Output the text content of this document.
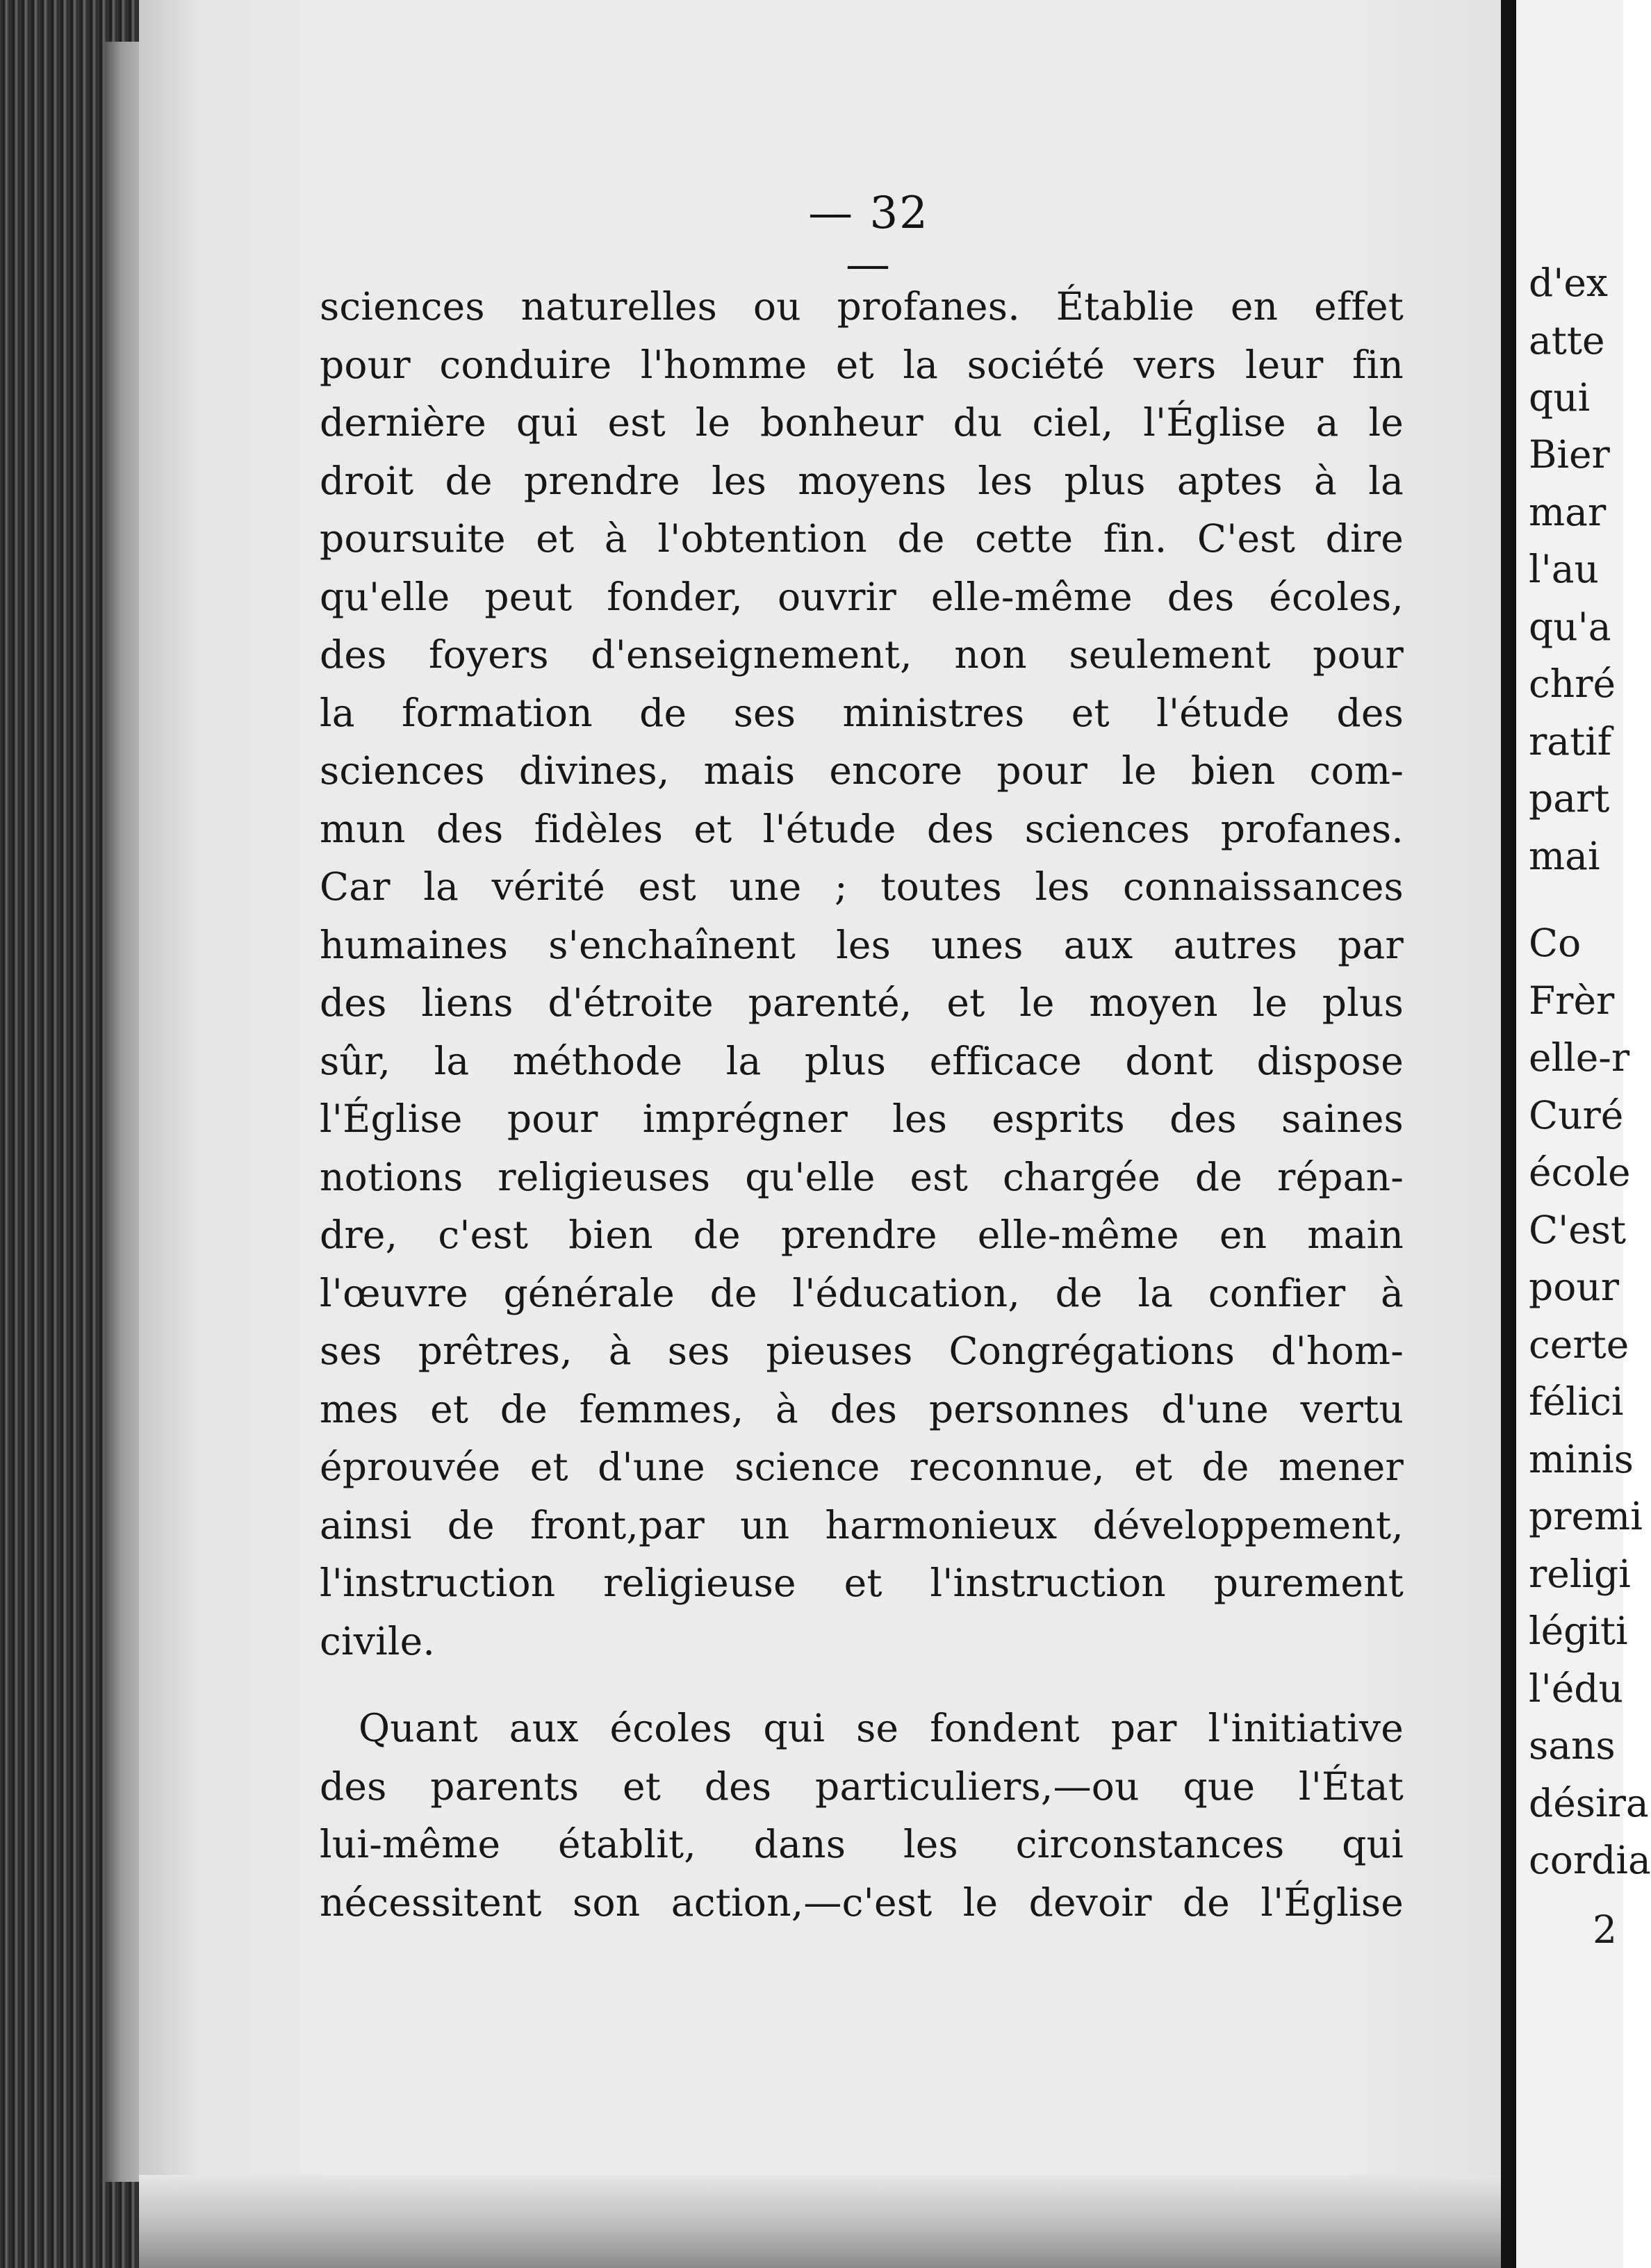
— 32 —
sciences naturelles ou profanes. Établie en effet
pour conduire l'homme et la société vers leur fin
dernière qui est le bonheur du ciel, l'Église a le
droit de prendre les moyens les plus aptes à la
poursuite et à l'obtention de cette fin. C'est dire
qu'elle peut fonder, ouvrir elle-même des écoles,
des foyers d'enseignement, non seulement pour
la formation de ses ministres et l'étude des
sciences divines, mais encore pour le bien com-
mun des fidèles et l'étude des sciences profanes.
Car la vérité est une ; toutes les connaissances
humaines s'enchaînent les unes aux autres par
des liens d'étroite parenté, et le moyen le plus
sûr, la méthode la plus efficace dont dispose
l'Église pour imprégner les esprits des saines
notions religieuses qu'elle est chargée de répan-
dre, c'est bien de prendre elle-même en main
l'œuvre générale de l'éducation, de la confier à
ses prêtres, à ses pieuses Congrégations d'hom-
mes et de femmes, à des personnes d'une vertu
éprouvée et d'une science reconnue, et de mener
ainsi de front,par un harmonieux développement,
l'instruction religieuse et l'instruction purement
civile.
Quant aux écoles qui se fondent par l'initiative
des parents et des particuliers,—ou que l'État
lui-même établit, dans les circonstances qui
nécessitent son action,—c'est le devoir de l'Église
d'ex
atte
qui
Bier
mar
l'au
qu'a
chré
ratif
part
mai
Co
Frèr
elle-r
Curé
école
C'est
pour
certe
félici
minis
premi
religi
légiti
l'édu
sans
désira
cordia
2
